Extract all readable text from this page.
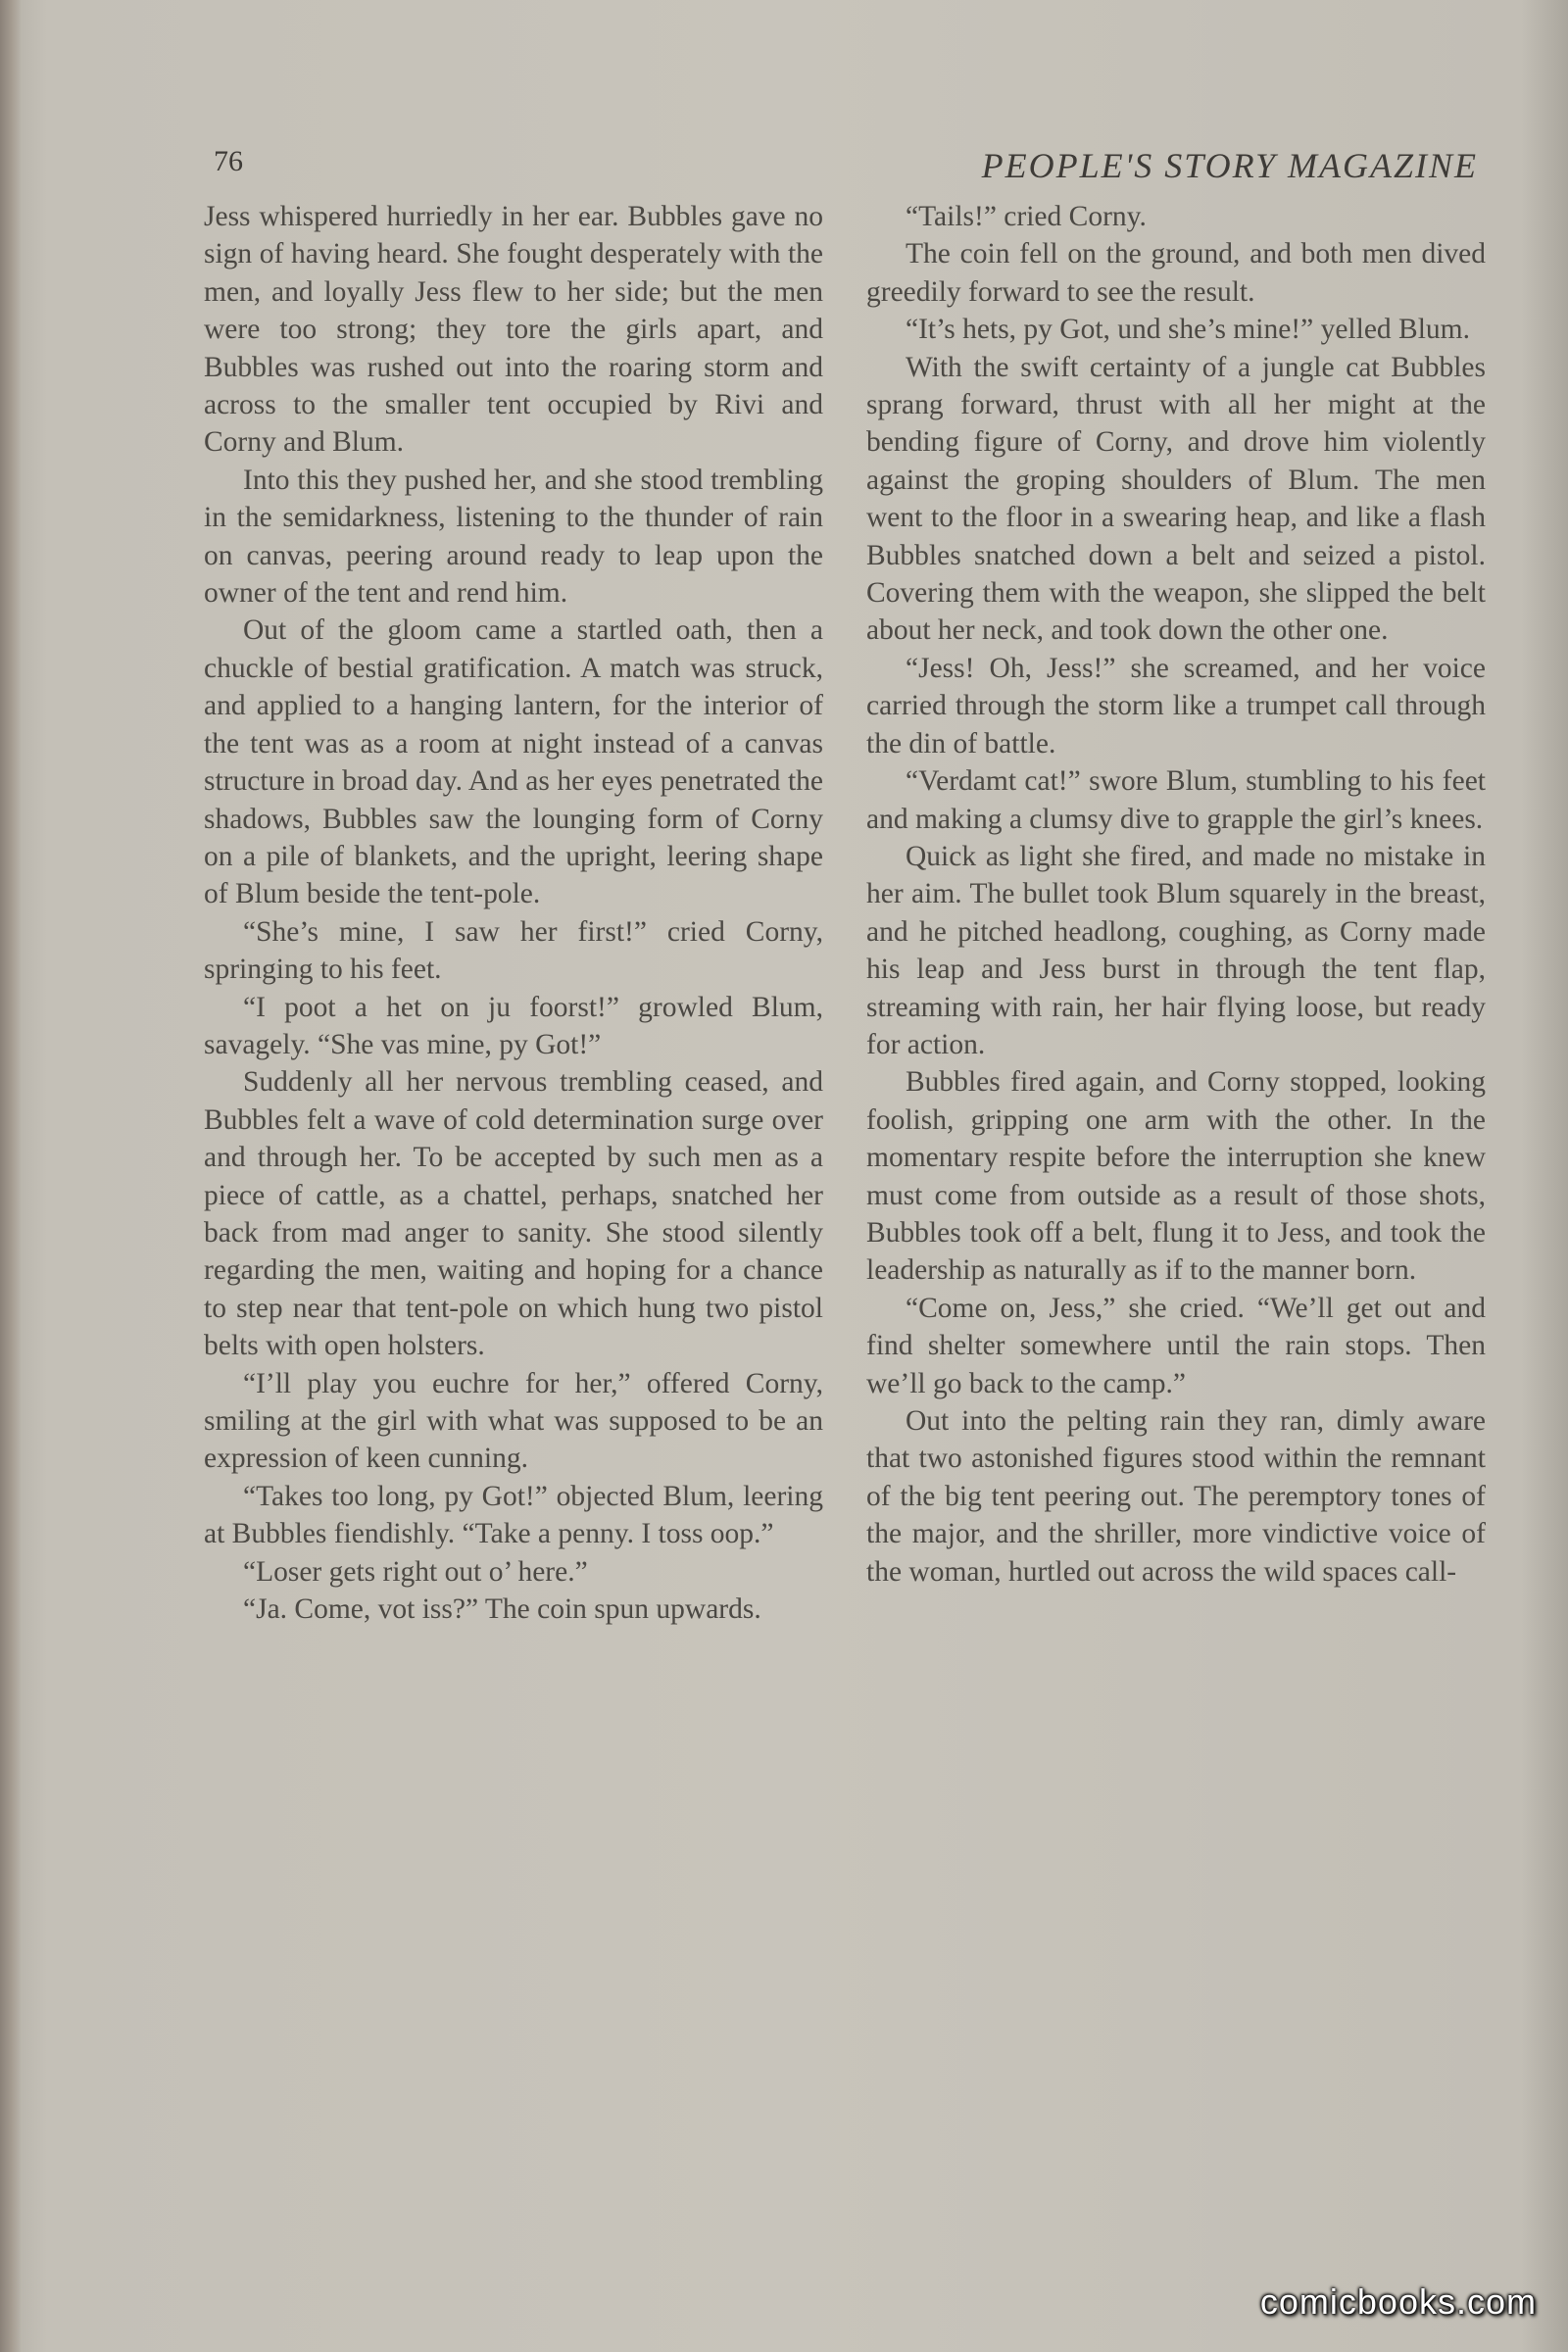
76	PEOPLE'S STORY MAGAZINE

Jess whispered hurriedly in her ear. Bubbles gave no sign of having heard. She fought desperately with the men, and loyally Jess flew to her side; but the men were too strong; they tore the girls apart, and Bubbles was rushed out into the roaring storm and across to the smaller tent occupied by Rivi and Corny and Blum.

Into this they pushed her, and she stood trembling in the semidarkness, listening to the thunder of rain on canvas, peering around ready to leap upon the owner of the tent and rend him.

Out of the gloom came a startled oath, then a chuckle of bestial gratification. A match was struck, and applied to a hanging lantern, for the interior of the tent was as a room at night instead of a canvas structure in broad day. And as her eyes penetrated the shadows, Bubbles saw the lounging form of Corny on a pile of blankets, and the upright, leering shape of Blum beside the tent-pole.

“She’s mine, I saw her first!” cried Corny, springing to his feet.

“I poot a het on ju foorst!” growled Blum, savagely. “She vas mine, py Got!”

Suddenly all her nervous trembling ceased, and Bubbles felt a wave of cold determination surge over and through her. To be accepted by such men as a piece of cattle, as a chattel, perhaps, snatched her back from mad anger to sanity. She stood silently regarding the men, waiting and hoping for a chance to step near that tent-pole on which hung two pistol belts with open holsters.

“I’ll play you euchre for her,” offered Corny, smiling at the girl with what was supposed to be an expression of keen cunning.

“Takes too long, py Got!” objected Blum, leering at Bubbles fiendishly. “Take a penny. I toss oop.”

“Loser gets right out o’ here.”

“Ja. Come, vot iss?” The coin spun upwards.

“Tails!” cried Corny.

The coin fell on the ground, and both men dived greedily forward to see the result.

“It’s hets, py Got, und she’s mine!” yelled Blum.

With the swift certainty of a jungle cat Bubbles sprang forward, thrust with all her might at the bending figure of Corny, and drove him violently against the groping shoulders of Blum. The men went to the floor in a swearing heap, and like a flash Bubbles snatched down a belt and seized a pistol. Covering them with the weapon, she slipped the belt about her neck, and took down the other one.

“Jess! Oh, Jess!” she screamed, and her voice carried through the storm like a trumpet call through the din of battle.

“Verdamt cat!” swore Blum, stumbling to his feet and making a clumsy dive to grapple the girl’s knees.

Quick as light she fired, and made no mistake in her aim. The bullet took Blum squarely in the breast, and he pitched headlong, coughing, as Corny made his leap and Jess burst in through the tent flap, streaming with rain, her hair flying loose, but ready for action.

Bubbles fired again, and Corny stopped, looking foolish, gripping one arm with the other. In the momentary respite before the interruption she knew must come from outside as a result of those shots, Bubbles took off a belt, flung it to Jess, and took the leadership as naturally as if to the manner born.

“Come on, Jess,” she cried. “We’ll get out and find shelter somewhere until the rain stops. Then we’ll go back to the camp.”

Out into the pelting rain they ran, dimly aware that two astonished figures stood within the remnant of the big tent peering out. The peremptory tones of the major, and the shriller, more vindictive voice of the woman, hurtled out across the wild spaces call-

comicbooks.com
